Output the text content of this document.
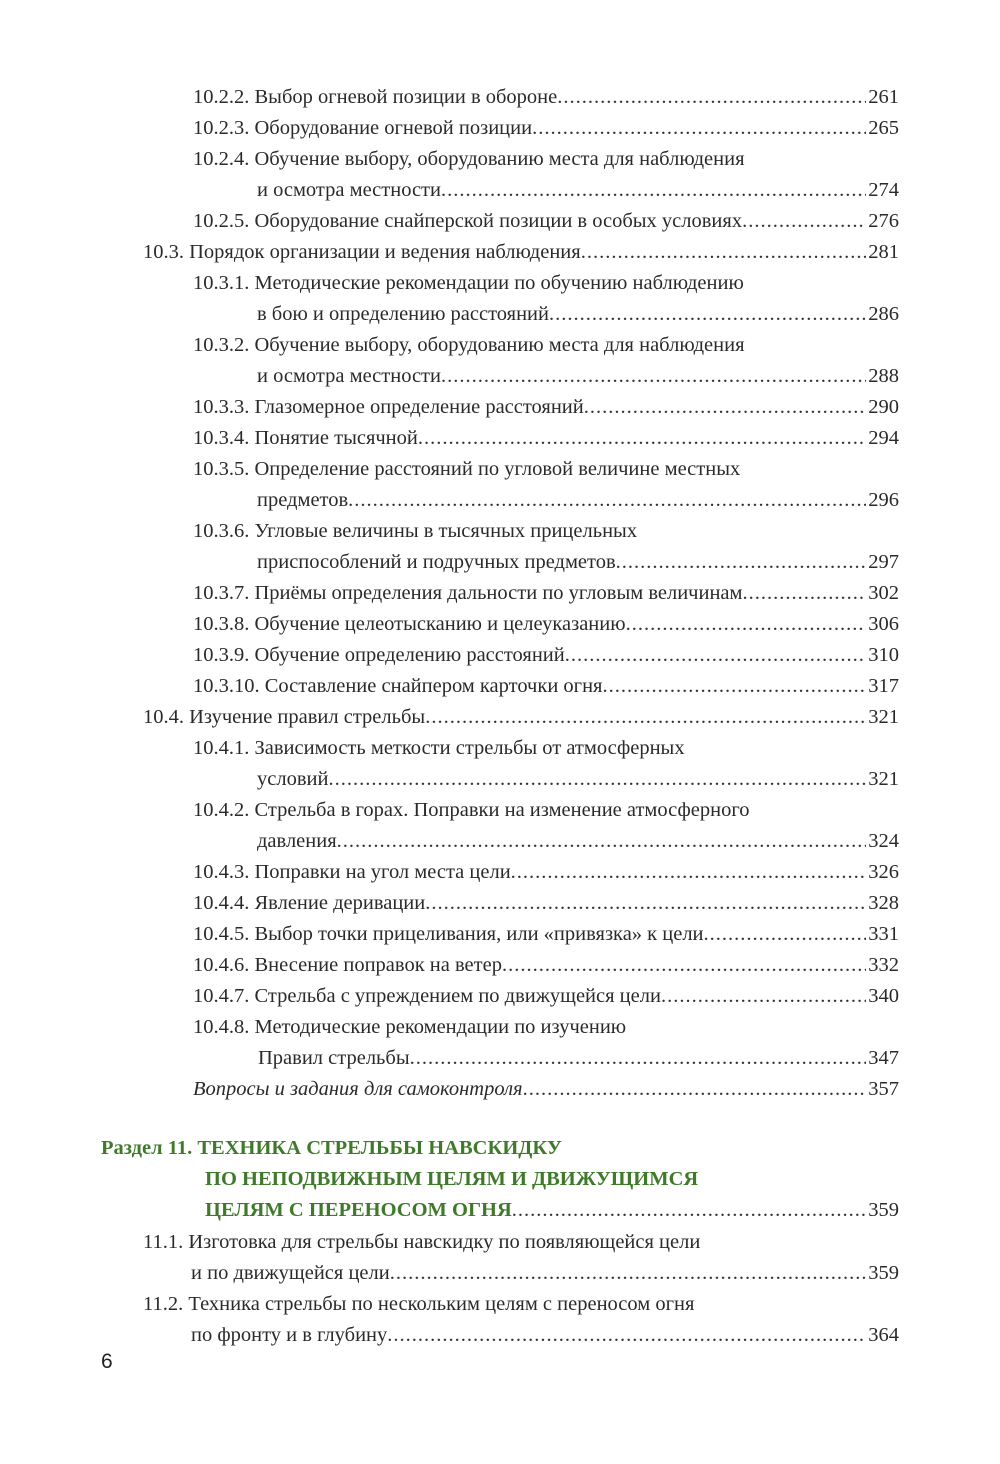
10.2.2. Выбор огневой позиции в обороне .....	261
10.2.3. Оборудование огневой позиции .....	265
10.2.4. Обучение выбору, оборудованию места для наблюдения
и осмотра местности .....	274
10.2.5. Оборудование снайперской позиции в особых условиях .....	276
10.3. Порядок организации и ведения наблюдения .....	281
10.3.1. Методические рекомендации по обучению наблюдению
в бою и определению расстояний .....	286
10.3.2. Обучение выбору, оборудованию места для наблюдения
и осмотра местности .....	288
10.3.3. Глазомерное определение расстояний .....	290
10.3.4. Понятие тысячной .....	294
10.3.5. Определение расстояний по угловой величине местных
предметов .....	296
10.3.6. Угловые величины в тысячных прицельных
приспособлений и подручных предметов .....	297
10.3.7. Приёмы определения дальности по угловым величинам .....	302
10.3.8. Обучение целеотысканию и целеуказанию .....	306
10.3.9. Обучение определению расстояний .....	310
10.3.10. Составление снайпером карточки огня .....	317
10.4. Изучение правил стрельбы .....	321
10.4.1. Зависимость меткости стрельбы от атмосферных
условий .....	321
10.4.2. Стрельба в горах. Поправки на изменение атмосферного
давления .....	324
10.4.3. Поправки на угол места цели .....	326
10.4.4. Явление деривации .....	328
10.4.5. Выбор точки прицеливания, или «привязка» к цели .....	331
10.4.6. Внесение поправок на ветер .....	332
10.4.7. Стрельба с упреждением по движущейся цели .....	340
10.4.8. Методические рекомендации по изучению
Правил стрельбы .....	347
Вопросы и задания для самоконтроля .....	357
Раздел 11. ТЕХНИКА СТРЕЛЬБЫ НАВСКИДКУ
ПО НЕПОДВИЖНЫМ ЦЕЛЯМ И ДВИЖУЩИМСЯ
ЦЕЛЯМ С ПЕРЕНОСОМ ОГНЯ .....	359
11.1. Изготовка для стрельбы навскидку по появляющейся цели
и по движущейся цели .....	359
11.2. Техника стрельбы по нескольким целям с переносом огня
по фронту и в глубину .....	364
6
